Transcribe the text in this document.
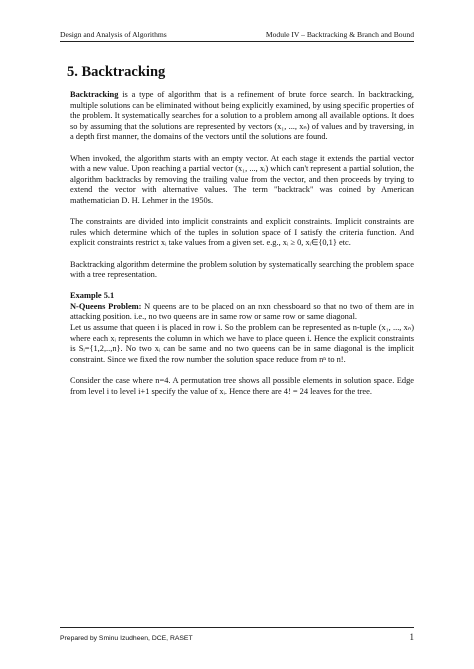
Design and Analysis of Algorithms	Module IV – Backtracking & Branch and Bound
5. Backtracking

Backtracking is a type of algorithm that is a refinement of brute force search. In backtracking, multiple solutions can be eliminated without being explicitly examined, by using specific properties of the problem. It systematically searches for a solution to a problem among all available options. It does so by assuming that the solutions are represented by vectors (x₁, ..., xₙ) of values and by traversing, in a depth first manner, the domains of the vectors until the solutions are found.

When invoked, the algorithm starts with an empty vector. At each stage it extends the partial vector with a new value. Upon reaching a partial vector (x₁, ..., xᵢ) which can't represent a partial solution, the algorithm backtracks by removing the trailing value from the vector, and then proceeds by trying to extend the vector with alternative values. The term "backtrack" was coined by American mathematician D. H. Lehmer in the 1950s.

The constraints are divided into implicit constraints and explicit constraints. Implicit constraints are rules which determine which of the tuples in solution space of I satisfy the criteria function. And explicit constraints restrict xᵢ take values from a given set. e.g., xᵢ ≥ 0, xᵢ∈{0,1} etc.

Backtracking algorithm determine the problem solution by systematically searching the problem space with a tree representation.

Example 5.1

N-Queens Problem: N queens are to be placed on an nxn chessboard so that no two of them are in attacking position. i.e., no two queens are in same row or same row or same diagonal.

Let us assume that queen i is placed in row i. So the problem can be represented as n-tuple (x₁, ..., xₙ) where each xᵢ represents the column in which we have to place queen i. Hence the explicit constraints is Sᵢ={1,2,..,n}. No two xᵢ can be same and no two queens can be in same diagonal is the implicit constraint. Since we fixed the row number the solution space reduce from nⁿ to n!.

Consider the case where n=4. A permutation tree shows all possible elements in solution space. Edge from level i to level i+1 specify the value of xᵢ. Hence there are 4! = 24 leaves for the tree.

Prepared by Sminu Izudheen, DCE, RASET	1
